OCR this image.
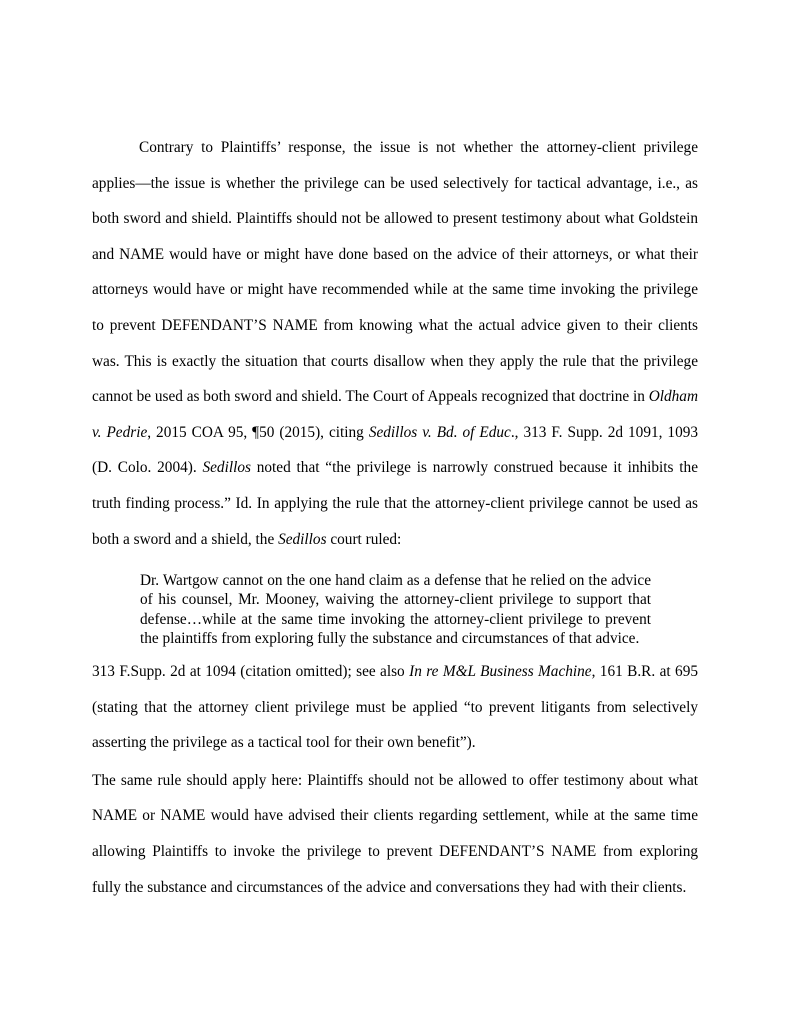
Contrary to Plaintiffs’ response, the issue is not whether the attorney-client privilege applies—the issue is whether the privilege can be used selectively for tactical advantage, i.e., as both sword and shield. Plaintiffs should not be allowed to present testimony about what Goldstein and NAME would have or might have done based on the advice of their attorneys, or what their attorneys would have or might have recommended while at the same time invoking the privilege to prevent DEFENDANT’S NAME from knowing what the actual advice given to their clients was. This is exactly the situation that courts disallow when they apply the rule that the privilege cannot be used as both sword and shield. The Court of Appeals recognized that doctrine in Oldham v. Pedrie, 2015 COA 95, ¶50 (2015), citing Sedillos v. Bd. of Educ., 313 F. Supp. 2d 1091, 1093 (D. Colo. 2004). Sedillos noted that “the privilege is narrowly construed because it inhibits the truth finding process.” Id. In applying the rule that the attorney-client privilege cannot be used as both a sword and a shield, the Sedillos court ruled:

Dr. Wartgow cannot on the one hand claim as a defense that he relied on the advice of his counsel, Mr. Mooney, waiving the attorney-client privilege to support that defense…while at the same time invoking the attorney-client privilege to prevent the plaintiffs from exploring fully the substance and circumstances of that advice.

313 F.Supp. 2d at 1094 (citation omitted); see also In re M&L Business Machine, 161 B.R. at 695 (stating that the attorney client privilege must be applied “to prevent litigants from selectively asserting the privilege as a tactical tool for their own benefit”).

The same rule should apply here: Plaintiffs should not be allowed to offer testimony about what NAME or NAME would have advised their clients regarding settlement, while at the same time allowing Plaintiffs to invoke the privilege to prevent DEFENDANT’S NAME from exploring fully the substance and circumstances of the advice and conversations they had with their clients.
